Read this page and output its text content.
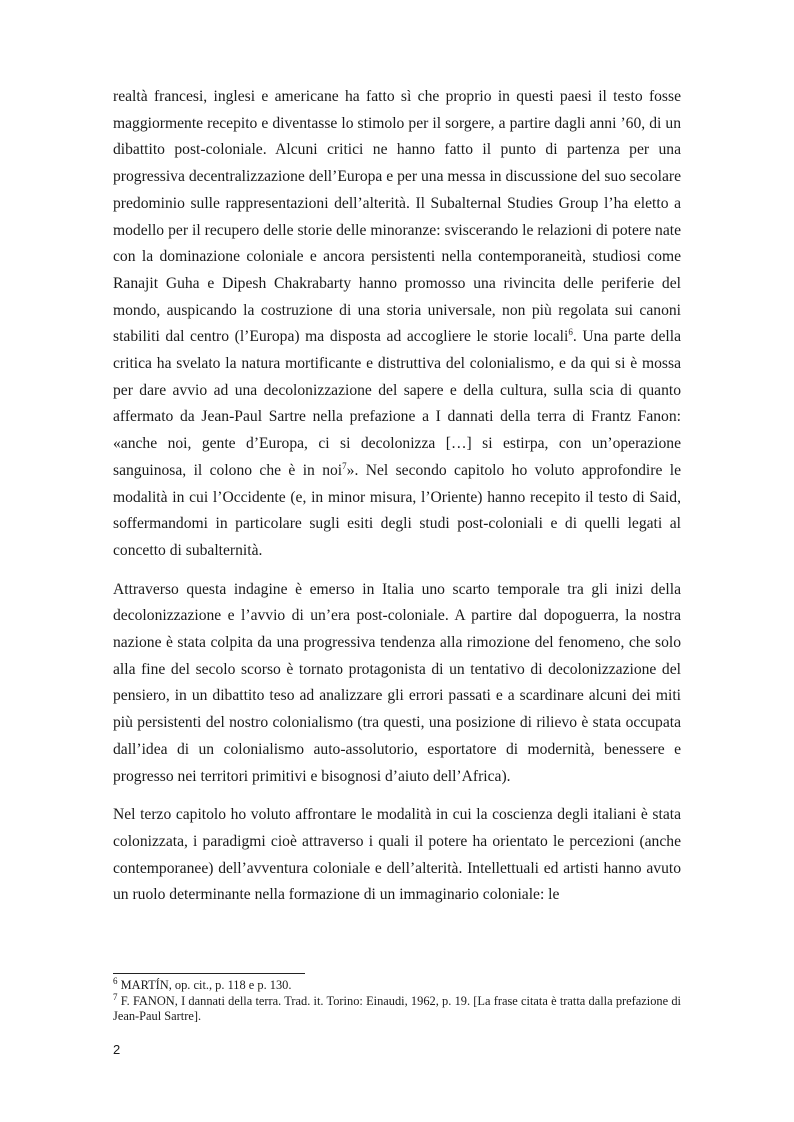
realtà francesi, inglesi e americane ha fatto sì che proprio in questi paesi il testo fosse maggiormente recepito e diventasse lo stimolo per il sorgere, a partire dagli anni ’60, di un dibattito post-coloniale. Alcuni critici ne hanno fatto il punto di partenza per una progressiva decentralizzazione dell’Europa e per una messa in discussione del suo secolare predominio sulle rappresentazioni dell’alterità. Il Subalternal Studies Group l’ha eletto a modello per il recupero delle storie delle minoranze: sviscerando le relazioni di potere nate con la dominazione coloniale e ancora persistenti nella contemporaneità, studiosi come Ranajit Guha e Dipesh Chakrabarty hanno promosso una rivincita delle periferie del mondo, auspicando la costruzione di una storia universale, non più regolata sui canoni stabiliti dal centro (l’Europa) ma disposta ad accogliere le storie locali$^6$. Una parte della critica ha svelato la natura mortificante e distruttiva del colonialismo, e da qui si è mossa per dare avvio ad una decolonizzazione del sapere e della cultura, sulla scia di quanto affermato da Jean-Paul Sartre nella prefazione a I dannati della terra di Frantz Fanon: «anche noi, gente d’Europa, ci si decolonizza […] si estirpa, con un’operazione sanguinosa, il colono che è in noi$^7$». Nel secondo capitolo ho voluto approfondire le modalità in cui l’Occidente (e, in minor misura, l’Oriente) hanno recepito il testo di Said, soffermandomi in particolare sugli esiti degli studi post-coloniali e di quelli legati al concetto di subalternità.

Attraverso questa indagine è emerso in Italia uno scarto temporale tra gli inizi della decolonizzazione e l’avvio di un’era post-coloniale. A partire dal dopoguerra, la nostra nazione è stata colpita da una progressiva tendenza alla rimozione del fenomeno, che solo alla fine del secolo scorso è tornato protagonista di un tentativo di decolonizzazione del pensiero, in un dibattito teso ad analizzare gli errori passati e a scardinare alcuni dei miti più persistenti del nostro colonialismo (tra questi, una posizione di rilievo è stata occupata dall’idea di un colonialismo auto-assolutorio, esportatore di modernità, benessere e progresso nei territori primitivi e bisognosi d’aiuto dell’Africa).

Nel terzo capitolo ho voluto affrontare le modalità in cui la coscienza degli italiani è stata colonizzata, i paradigmi cioè attraverso i quali il potere ha orientato le percezioni (anche contemporanee) dell’avventura coloniale e dell’alterità. Intellettuali ed artisti hanno avuto un ruolo determinante nella formazione di un immaginario coloniale: le

$^6$ MARTÍN, op. cit., p. 118 e p. 130.

$^7$ F. FANON, I dannati della terra. Trad. it. Torino: Einaudi, 1962, p. 19. [La frase citata è tratta dalla prefazione di Jean-Paul Sartre].

2
